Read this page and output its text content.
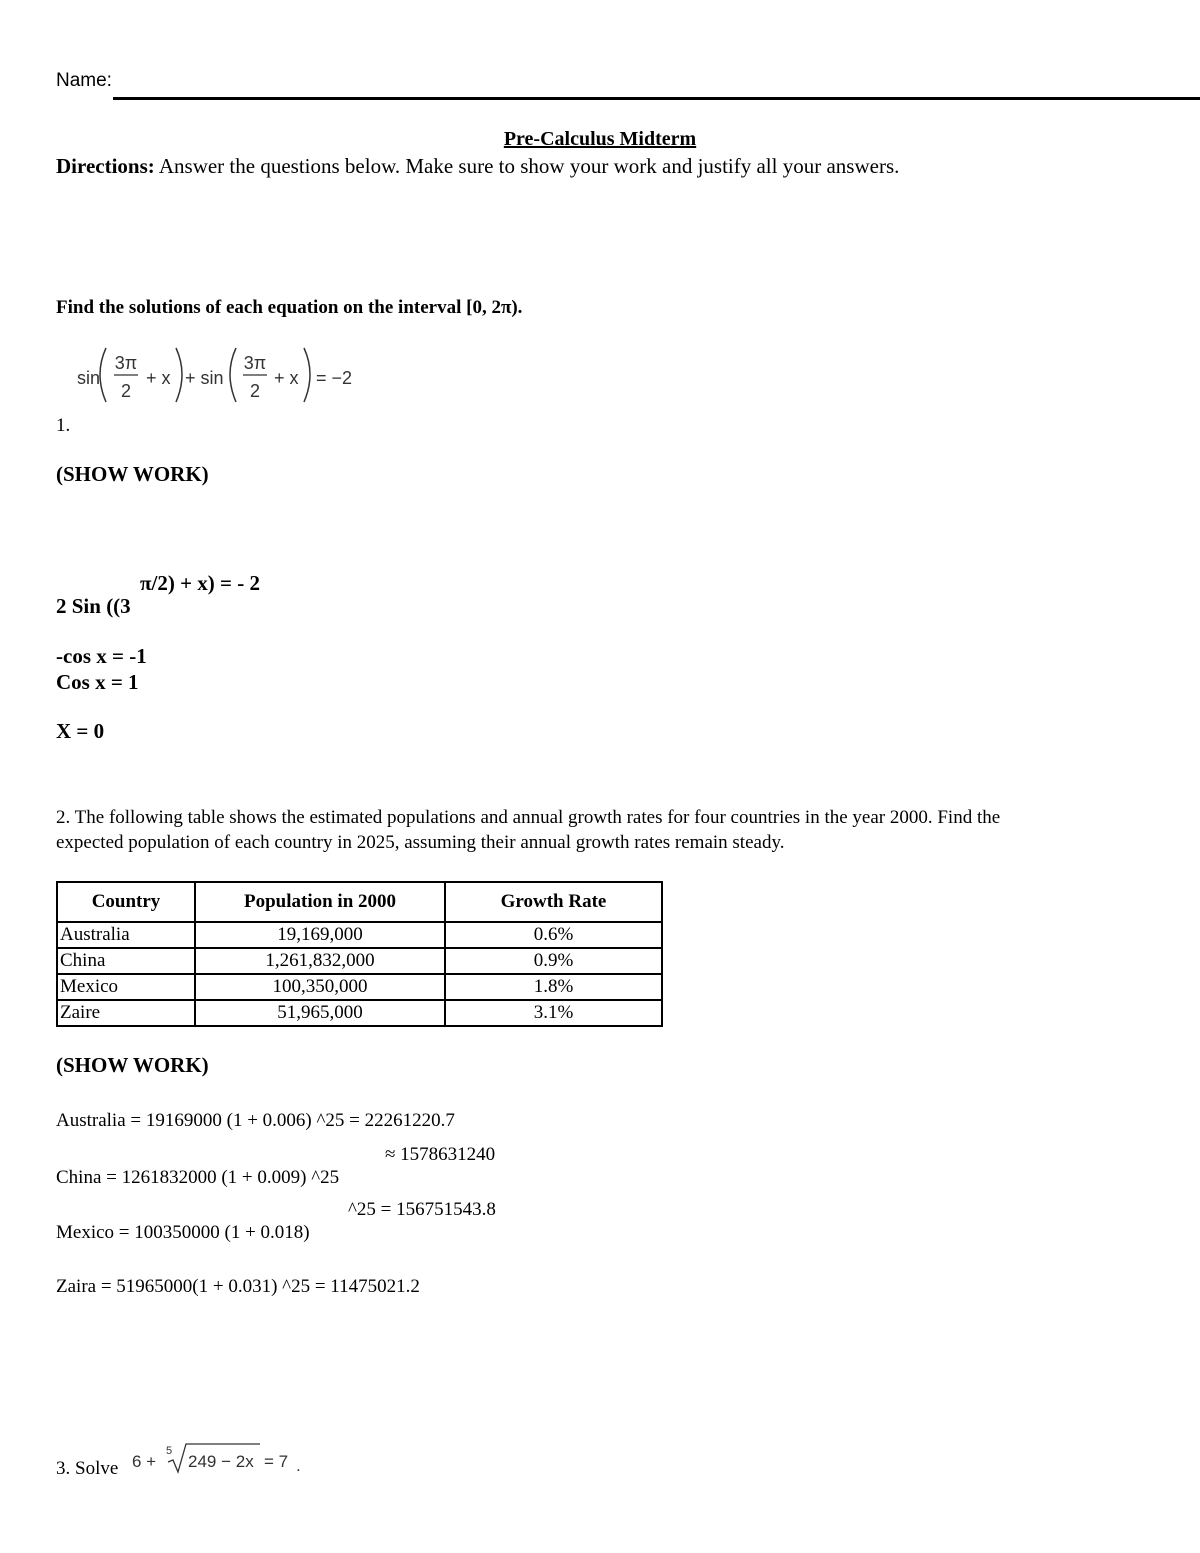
Name:
Pre-Calculus Midterm
Directions: Answer the questions below. Make sure to show your work and justify all your answers.
Find the solutions of each equation on the interval [0, 2π).
sin
3π
2
+ x + sin
3π
2
+ x = −2
1.
(SHOW WORK)
π/2) + x) = - 2
2 Sin ((3
-cos x = -1
Cos x = 1
X = 0
2. The following table shows the estimated populations and annual growth rates for four countries in the year 2000. Find the
expected population of each country in 2025, assuming their annual growth rates remain steady.
Country	Population in 2000	Growth Rate
Australia	19,169,000	0.6%
China	1,261,832,000	0.9%
Mexico	100,350,000	1.8%
Zaire	51,965,000	3.1%
(SHOW WORK)
Australia = 19169000 (1 + 0.006) ^25 = 22261220.7
≈ 1578631240
China = 1261832000 (1 + 0.009) ^25
^25 = 156751543.8
Mexico = 100350000 (1 + 0.018)
Zaira = 51965000(1 + 0.031) ^25 = 11475021.2
3. Solve 6 +
5
249 − 2x = 7 .
